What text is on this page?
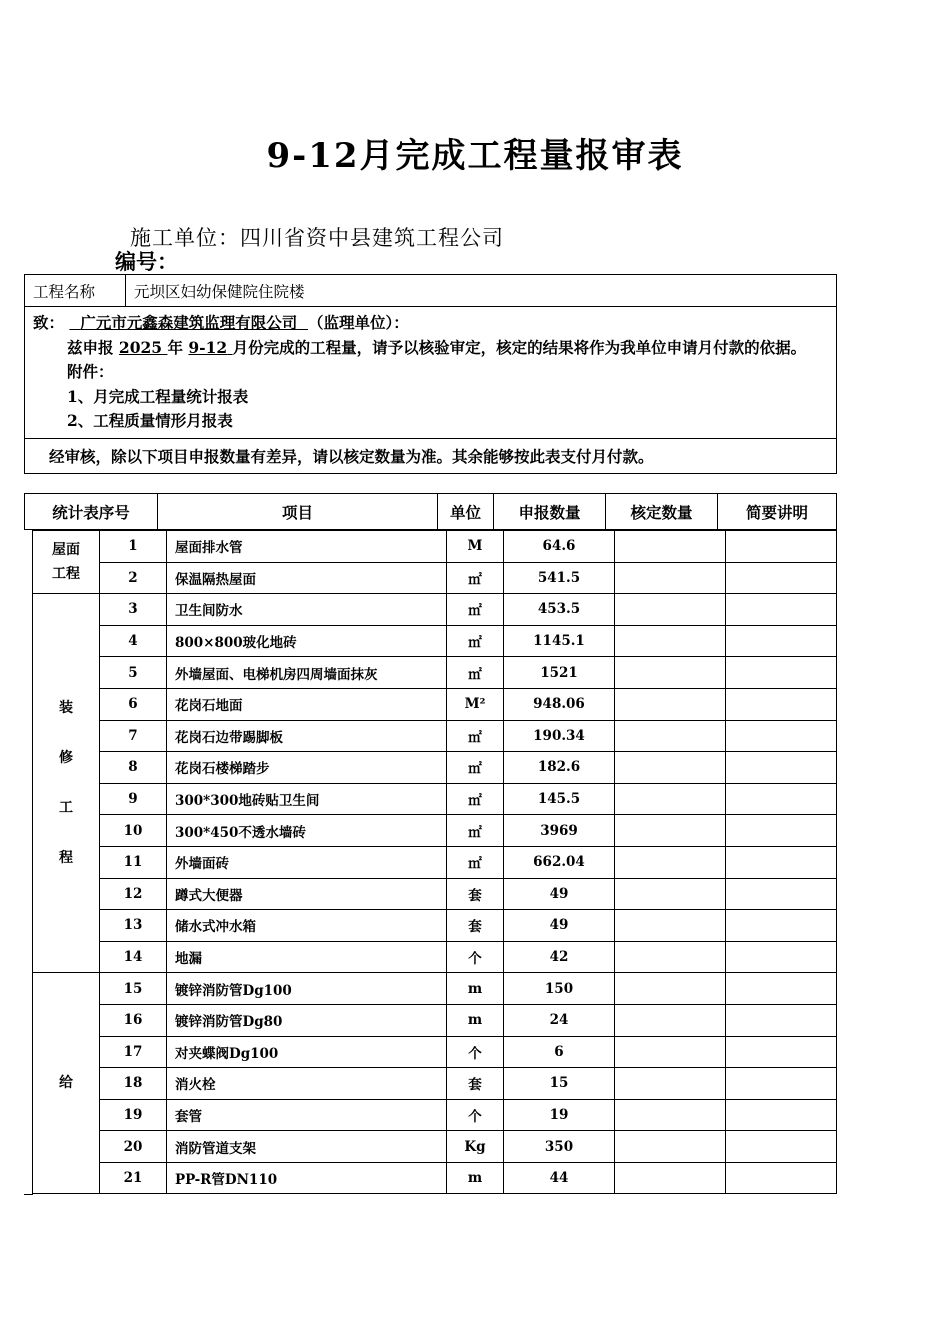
9-12月完成工程量报审表
施工单位：四川省资中县建筑工程公司
编号：
工程名称	元坝区妇幼保健院住院楼

致： 广元市元鑫森建筑监理有限公司 （监理单位）：
兹申报 2025 年 9-12 月份完成的工程量，请予以核验审定，核定的结果将作为我单位申请月付款的依据。
附件：
1、月完成工程量统计报表
2、工程质量情形月报表

经审核，除以下项目申报数量有差异，请以核定数量为准。其余能够按此表支付月付款。
统计表序号	项目	单位	申报数量	核定数量	简要讲明
屋面
工程	1	屋面排水管	M	64.6		
	2	保温隔热屋面	㎡	541.5		

装
修
工
程	3	卫生间防水	㎡	453.5		
	4	800×800玻化地砖	㎡	1145.1		
	5	外墙屋面、电梯机房四周墙面抹灰	㎡	1521		
	6	花岗石地面	M²	948.06		
	7	花岗石边带踢脚板	㎡	190.34		
	8	花岗石楼梯踏步	㎡	182.6		
	9	300*300地砖贴卫生间	㎡	145.5		
	10	300*450不透水墙砖	㎡	3969		
	11	外墙面砖	㎡	662.04		
	12	蹲式大便器	套	49		
	13	储水式冲水箱	套	49		
	14	地漏	个	42		

给	15	镀锌消防管Dg100	m	150		
	16	镀锌消防管Dg80	m	24		
	17	对夹蝶阀Dg100	个	6		
	18	消火栓	套	15		
	19	套管	个	19		
	20	消防管道支架	Kg	350		
	21	PP-R管DN110	m	44		
